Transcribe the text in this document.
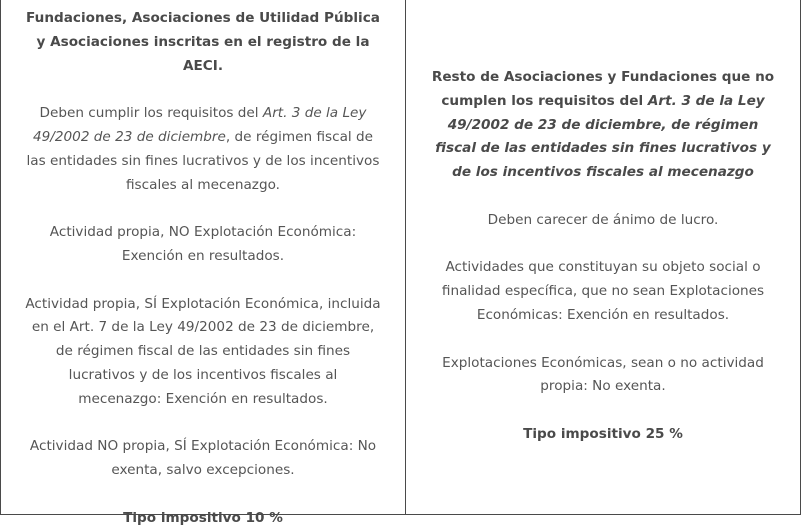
Fundaciones, Asociaciones de Utilidad Pública y Asociaciones inscritas en el registro de la AECI.

Deben cumplir los requisitos del Art. 3 de la Ley 49/2002 de 23 de diciembre, de régimen fiscal de las entidades sin fines lucrativos y de los incentivos fiscales al mecenazgo.

Actividad propia, NO Explotación Económica: Exención en resultados.

Actividad propia, SÍ Explotación Económica, incluida en el Art. 7 de la Ley 49/2002 de 23 de diciembre, de régimen fiscal de las entidades sin fines lucrativos y de los incentivos fiscales al mecenazgo: Exención en resultados.

Actividad NO propia, SÍ Explotación Económica: No exenta, salvo excepciones.

Tipo impositivo 10 %

Resto de Asociaciones y Fundaciones que no cumplen los requisitos del Art. 3 de la Ley 49/2002 de 23 de diciembre, de régimen fiscal de las entidades sin fines lucrativos y de los incentivos fiscales al mecenazgo

Deben carecer de ánimo de lucro.

Actividades que constituyan su objeto social o finalidad específica, que no sean Explotaciones Económicas: Exención en resultados.

Explotaciones Económicas, sean o no actividad propia: No exenta.

Tipo impositivo 25 %
